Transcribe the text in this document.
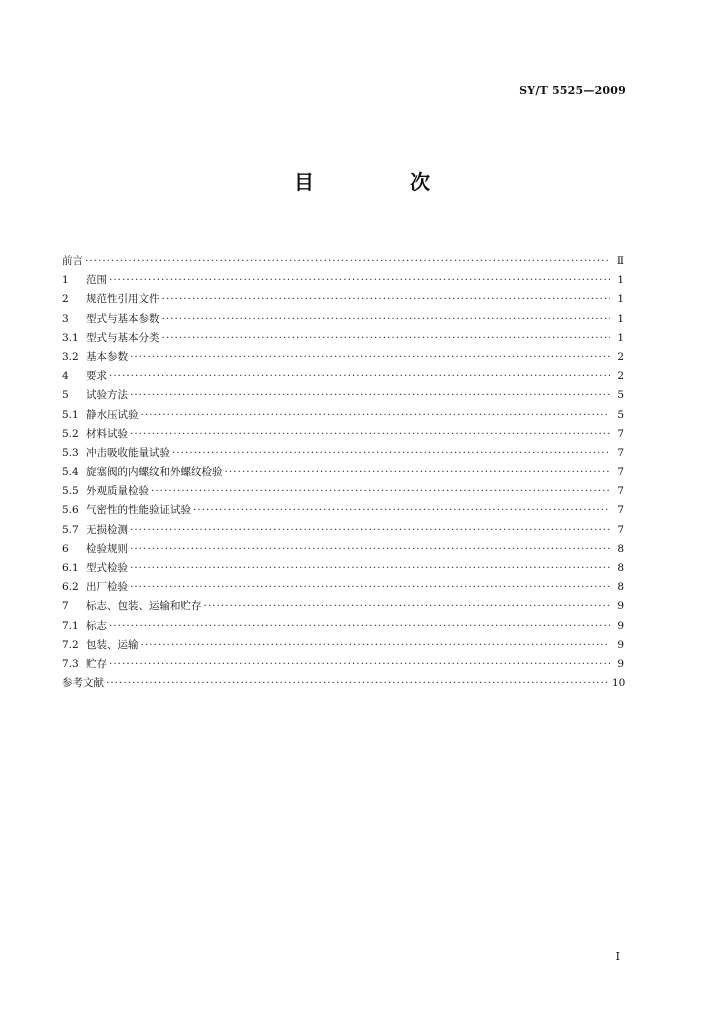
SY/T 5525—2009
目　次
前言 ·····	Ⅱ
1	范围 ·····	1
2	规范性引用文件 ·····	1
3	型式与基本参数 ·····	1
3.1 型式与基本分类 ·····	1
3.2 基本参数 ·····	2
4	要求 ·····	2
5	试验方法 ·····	5
5.1 静水压试验 ·····	5
5.2 材料试验 ·····	7
5.3 冲击吸收能量试验 ·····	7
5.4 旋塞阀的内螺纹和外螺纹检验 ·····	7
5.5 外观质量检验 ·····	7
5.6 气密性的性能验证试验 ·····	7
5.7 无损检测 ·····	7
6	检验规则 ·····	8
6.1 型式检验 ·····	8
6.2 出厂检验 ·····	8
7	标志、包装、运输和贮存 ·····	9
7.1 标志 ·····	9
7.2 包装、运输 ·····	9
7.3 贮存 ·····	9
参考文献 ·····	10
I
